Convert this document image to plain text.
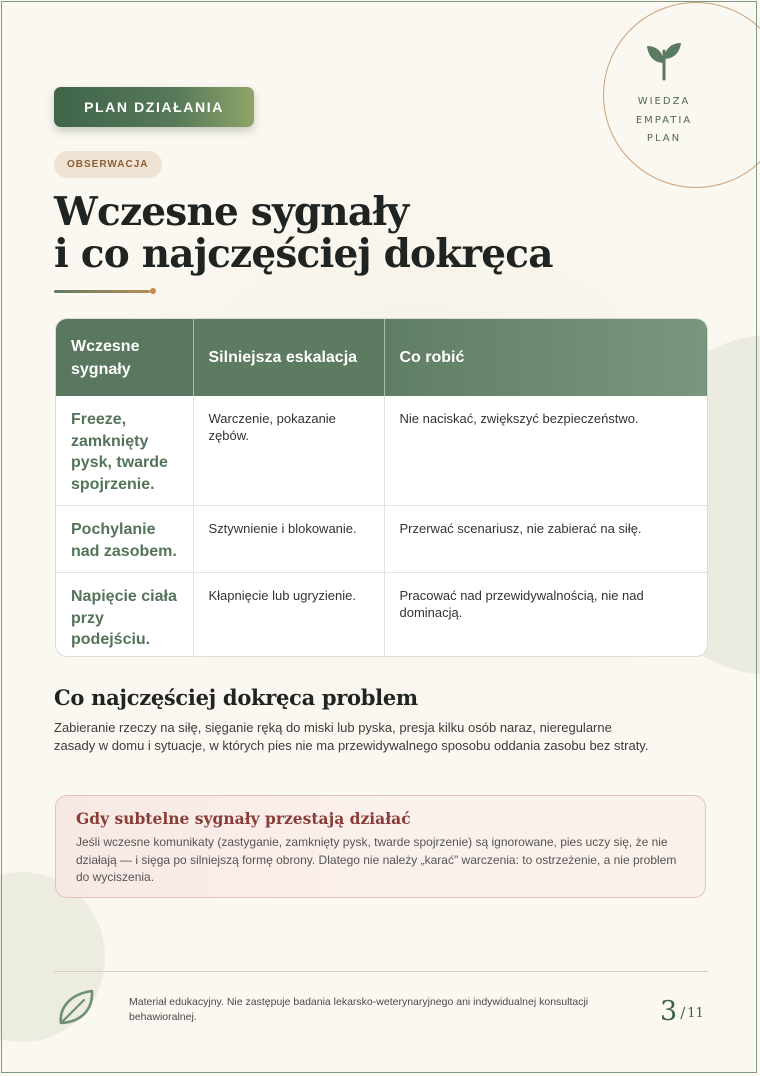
WIEDZA
EMPATIA
PLAN
PLAN DZIAŁANIA
OBSERWACJA
Wczesne sygnały
i co najczęściej dokręca
Wczesne sygnały	Silniejsza eskalacja	Co robić
Freeze, zamknięty pysk, twarde spojrzenie.	Warczenie, pokazanie zębów.	Nie naciskać, zwiększyć bezpieczeństwo.
Pochylanie nad zasobem.	Sztywnienie i blokowanie.	Przerwać scenariusz, nie zabierać na siłę.
Napięcie ciała przy podejściu.	Kłapnięcie lub ugryzienie.	Pracować nad przewidywalnością, nie nad dominacją.
Co najczęściej dokręca problem

Zabieranie rzeczy na siłę, sięganie ręką do miski lub pyska, presja kilku osób naraz, nieregularne zasady w domu i sytuacje, w których pies nie ma przewidywalnego sposobu oddania zasobu bez straty.

Gdy subtelne sygnały przestają działać

Jeśli wczesne komunikaty (zastyganie, zamknięty pysk, twarde spojrzenie) są ignorowane, pies uczy się, że nie działają — i sięga po silniejszą formę obrony. Dlatego nie należy „karać" warczenia: to ostrzeżenie, a nie problem do wyciszenia.

Materiał edukacyjny. Nie zastępuje badania lekarsko-weterynaryjnego ani indywidualnej konsultacji behawioralnej.	3 / 11
